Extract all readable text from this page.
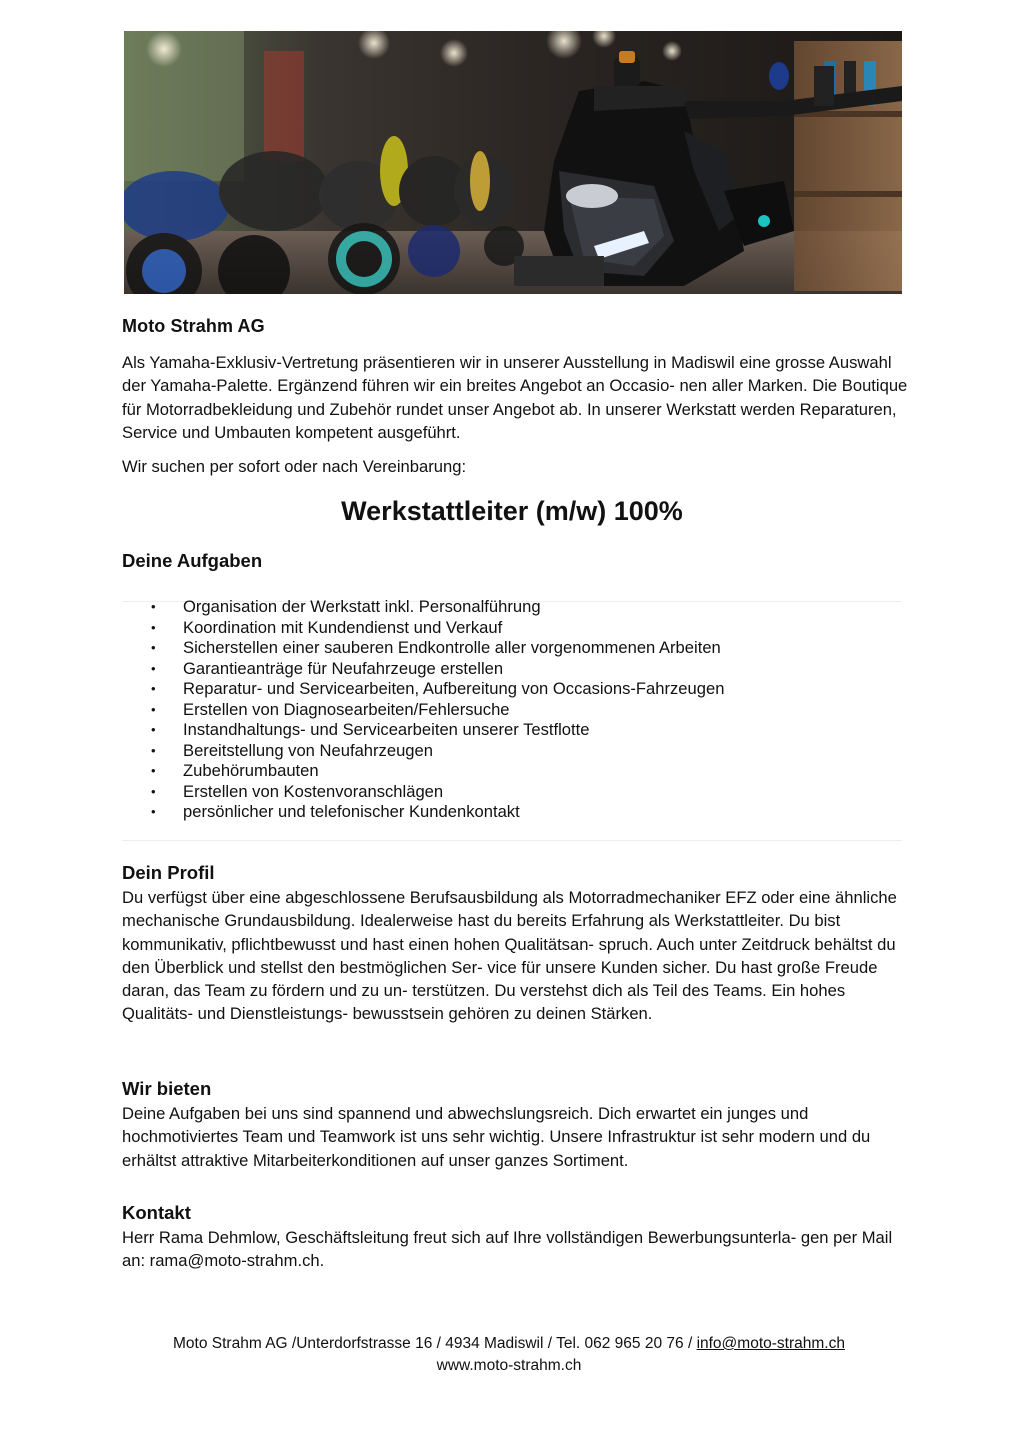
Moto Strahm AG

Als Yamaha-Exklusiv-Vertretung präsentieren wir in unserer Ausstellung in Madiswil eine grosse Auswahl der Yamaha-Palette. Ergänzend führen wir ein breites Angebot an Occasio- nen aller Marken. Die Boutique für Motorradbekleidung und Zubehör rundet unser Angebot ab. In unserer Werkstatt werden Reparaturen, Service und Umbauten kompetent ausgeführt.

Wir suchen per sofort oder nach Vereinbarung:

Werkstattleiter (m/w) 100%
Deine Aufgaben
• Organisation der Werkstatt inkl. Personalführung
• Koordination mit Kundendienst und Verkauf
• Sicherstellen einer sauberen Endkontrolle aller vorgenommenen Arbeiten
• Garantieanträge für Neufahrzeuge erstellen
• Reparatur- und Servicearbeiten, Aufbereitung von Occasions-Fahrzeugen
• Erstellen von Diagnosearbeiten/Fehlersuche
• Instandhaltungs- und Servicearbeiten unserer Testflotte
• Bereitstellung von Neufahrzeugen
• Zubehörumbauten
• Erstellen von Kostenvoranschlägen
• persönlicher und telefonischer Kundenkontakt
Dein Profil

Du verfügst über eine abgeschlossene Berufsausbildung als Motorradmechaniker EFZ oder eine ähnliche mechanische Grundausbildung. Idealerweise hast du bereits Erfahrung als Werkstattleiter. Du bist kommunikativ, pflichtbewusst und hast einen hohen Qualitätsan- spruch. Auch unter Zeitdruck behältst du den Überblick und stellst den bestmöglichen Ser- vice für unsere Kunden sicher. Du hast große Freude daran, das Team zu fördern und zu un- terstützen. Du verstehst dich als Teil des Teams. Ein hohes Qualitäts- und Dienstleistungs- bewusstsein gehören zu deinen Stärken.

Wir bieten

Deine Aufgaben bei uns sind spannend und abwechslungsreich. Dich erwartet ein junges und hochmotiviertes Team und Teamwork ist uns sehr wichtig. Unsere Infrastruktur ist sehr modern und du erhältst attraktive Mitarbeiterkonditionen auf unser ganzes Sortiment.

Kontakt

Herr Rama Dehmlow, Geschäftsleitung freut sich auf Ihre vollständigen Bewerbungsunterla- gen per Mail an: rama@moto-strahm.ch.

Moto Strahm AG /Unterdorfstrasse 16 / 4934 Madiswil / Tel. 062 965 20 76 / info@moto-strahm.ch
www.moto-strahm.ch
